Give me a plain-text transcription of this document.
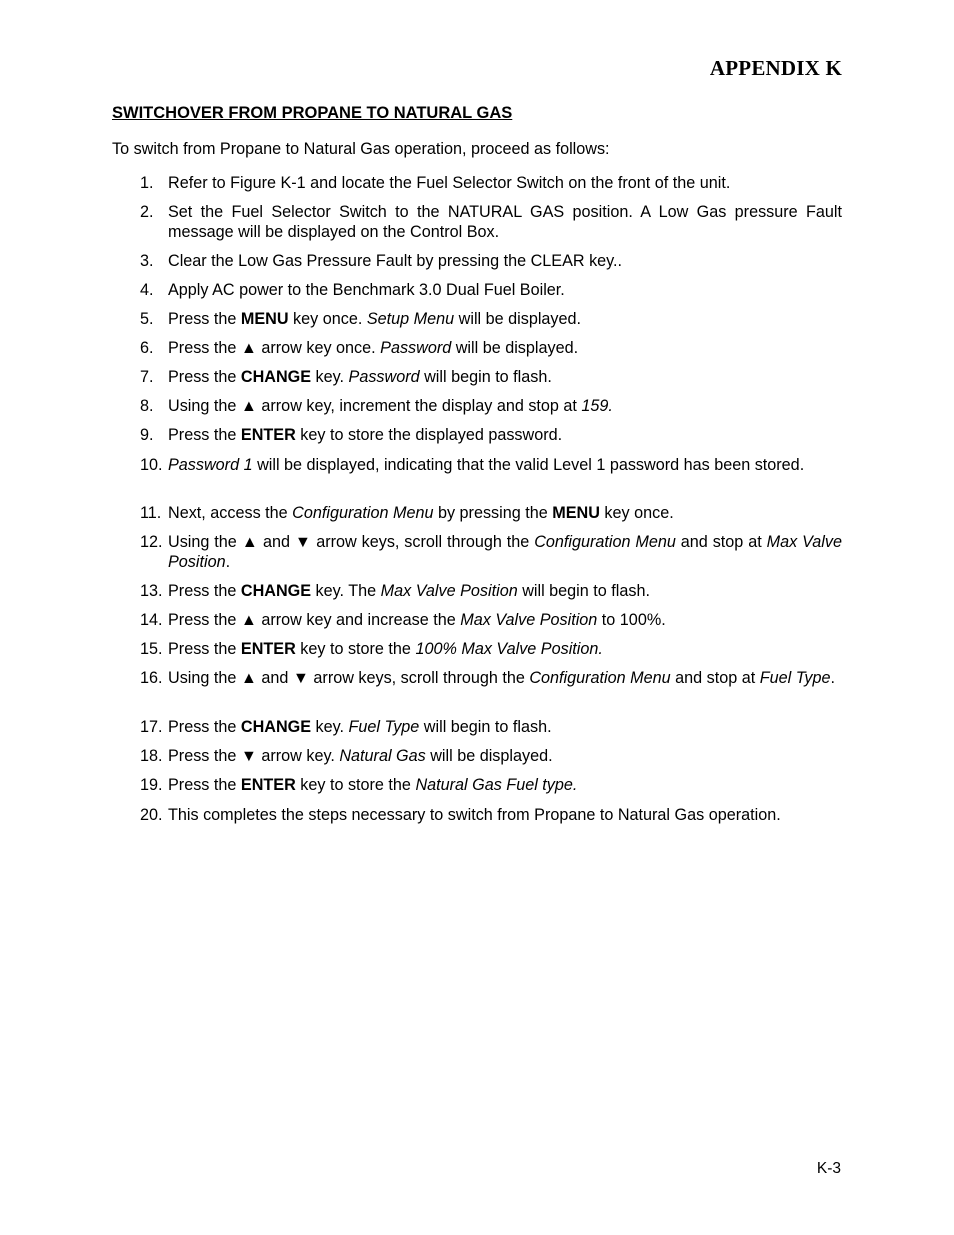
APPENDIX K
SWITCHOVER FROM PROPANE TO NATURAL GAS
To switch from Propane to Natural Gas operation, proceed as follows:
1. Refer to Figure K-1 and locate the Fuel Selector Switch on the front of the unit.
2. Set the Fuel Selector Switch to the NATURAL GAS position. A Low Gas pressure Fault message will be displayed on the Control Box.
3. Clear the Low Gas Pressure Fault by pressing the CLEAR key..
4. Apply AC power to the Benchmark 3.0 Dual Fuel Boiler.
5. Press the MENU key once. Setup Menu will be displayed.
6. Press the ▲ arrow key once. Password will be displayed.
7. Press the CHANGE key. Password will begin to flash.
8. Using the ▲ arrow key, increment the display and stop at 159.
9. Press the ENTER key to store the displayed password.
10. Password 1 will be displayed, indicating that the valid Level 1 password has been stored.
11. Next, access the Configuration Menu by pressing the MENU key once.
12. Using the ▲ and ▼ arrow keys, scroll through the Configuration Menu and stop at Max Valve Position.
13. Press the CHANGE key. The Max Valve Position will begin to flash.
14. Press the ▲ arrow key and increase the Max Valve Position to 100%.
15. Press the ENTER key to store the 100% Max Valve Position.
16. Using the ▲ and ▼ arrow keys, scroll through the Configuration Menu and stop at Fuel Type.
17. Press the CHANGE key. Fuel Type will begin to flash.
18. Press the ▼ arrow key. Natural Gas will be displayed.
19. Press the ENTER key to store the Natural Gas Fuel type.
20. This completes the steps necessary to switch from Propane to Natural Gas operation.
K-3
